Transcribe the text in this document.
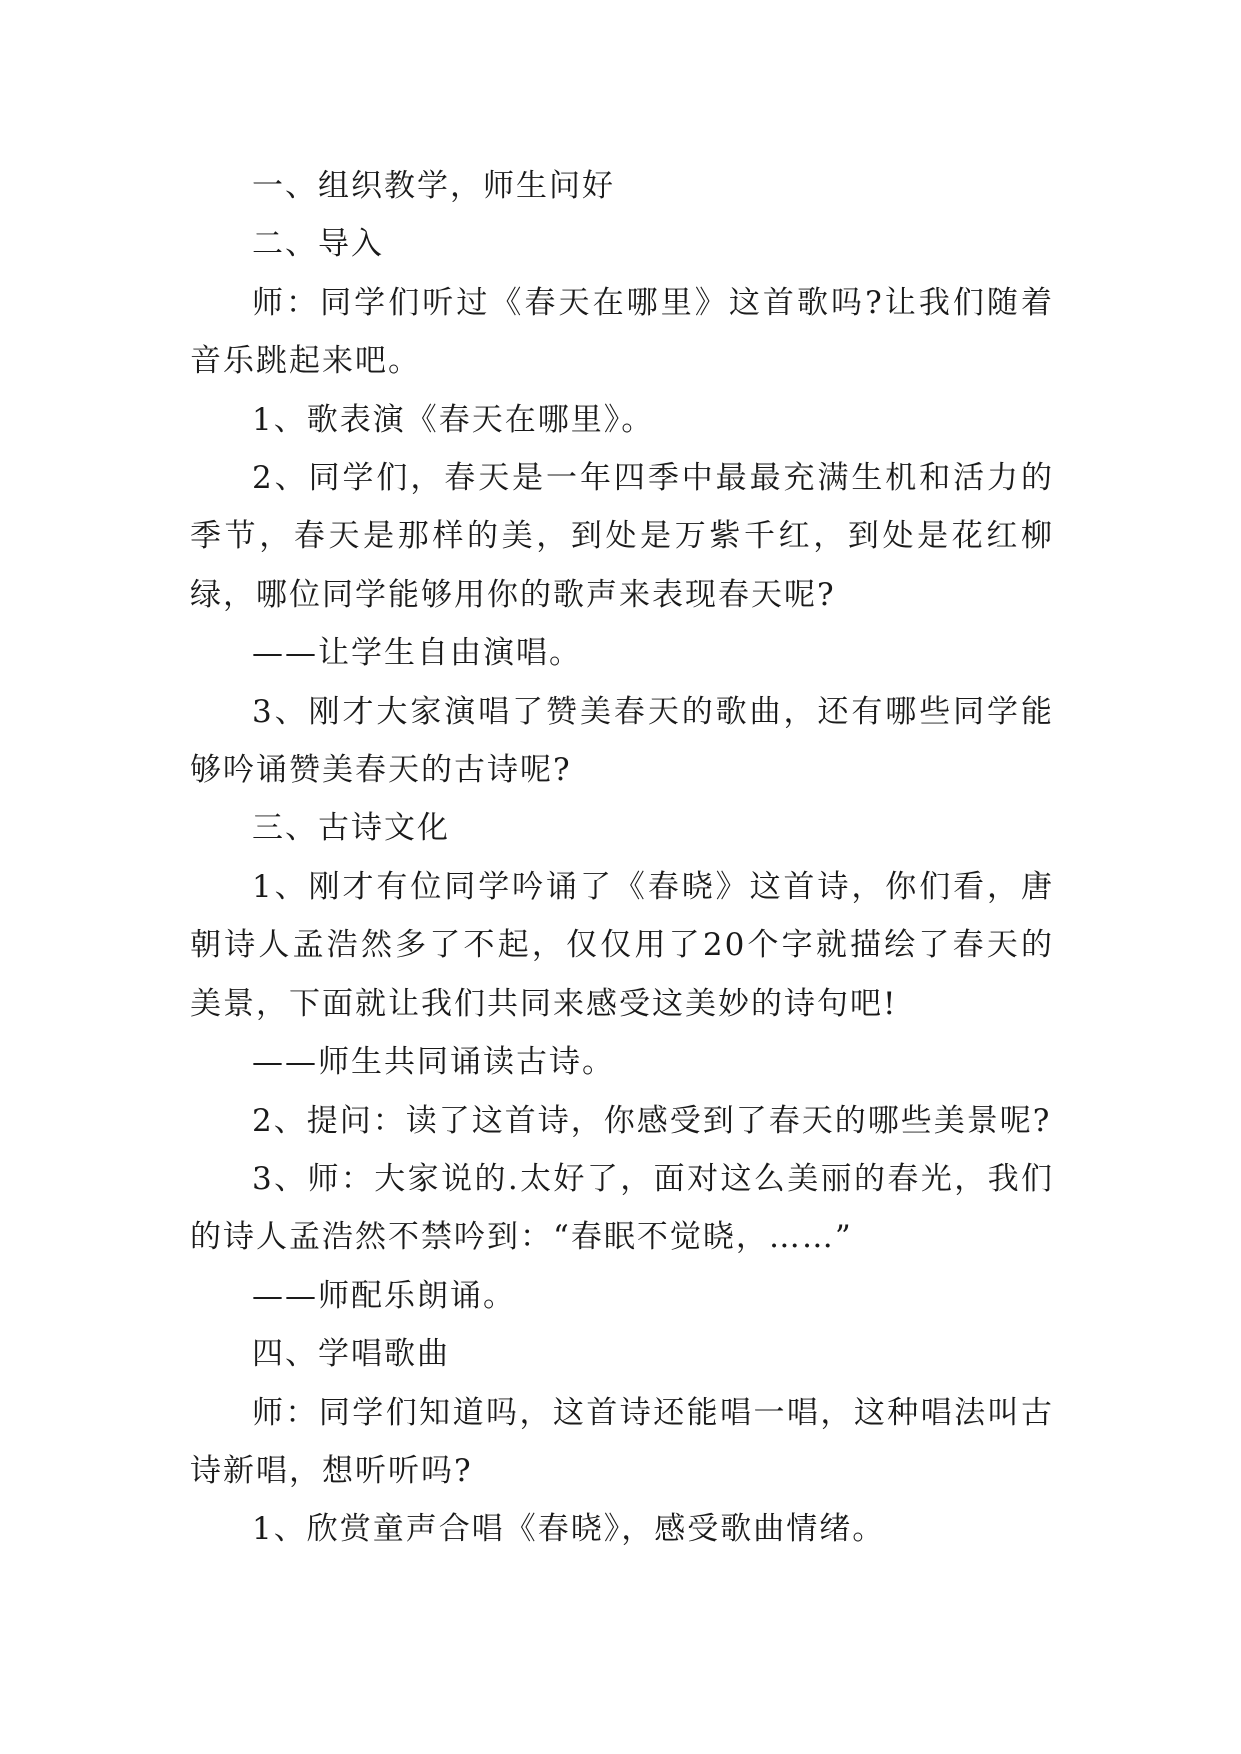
一、组织教学，师生问好

二、导入

师：同学们听过《春天在哪里》这首歌吗?让我们随着音乐跳起来吧。

1、歌表演《春天在哪里》。

2、同学们，春天是一年四季中最最充满生机和活力的季节，春天是那样的美，到处是万紫千红，到处是花红柳绿，哪位同学能够用你的歌声来表现春天呢?

——让学生自由演唱。

3、刚才大家演唱了赞美春天的歌曲，还有哪些同学能够吟诵赞美春天的古诗呢?

三、古诗文化

1、刚才有位同学吟诵了《春晓》这首诗，你们看，唐朝诗人孟浩然多了不起，仅仅用了20个字就描绘了春天的美景，下面就让我们共同来感受这美妙的诗句吧!

——师生共同诵读古诗。

2、提问：读了这首诗，你感受到了春天的哪些美景呢?

3、师：大家说的.太好了，面对这么美丽的春光，我们的诗人孟浩然不禁吟到：“春眠不觉晓，……”

——师配乐朗诵。

四、学唱歌曲

师：同学们知道吗，这首诗还能唱一唱，这种唱法叫古诗新唱，想听听吗?

1、欣赏童声合唱《春晓》，感受歌曲情绪。
